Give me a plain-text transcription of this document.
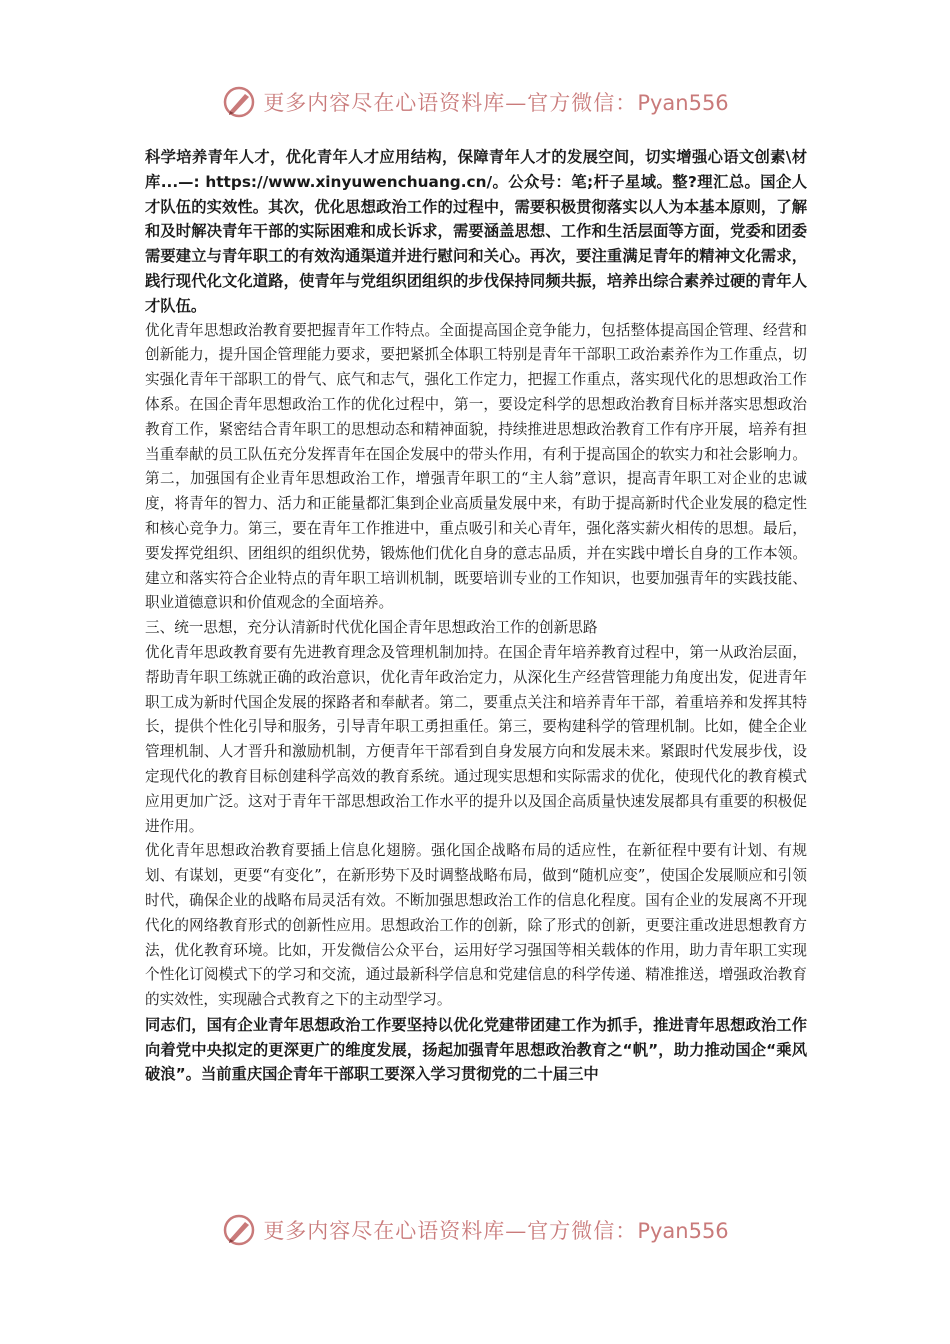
更多内容尽在心语资料库—官方微信：Pyan556

科学培养青年人才，优化青年人才应用结构，保障青年人才的发展空间，切实增强心语文创素\材库...—: https://www.xinyuwenchuang.cn/。公众号：笔;杆子星域。整?理汇总。国企人才队伍的实效性。其次，优化思想政治工作的过程中，需要积极贯彻落实以人为本基本原则，了解和及时解决青年干部的实际困难和成长诉求，需要涵盖思想、工作和生活层面等方面，党委和团委需要建立与青年职工的有效沟通渠道并进行慰问和关心。再次，要注重满足青年的精神文化需求，践行现代化文化道路，使青年与党组织团组织的步伐保持同频共振，培养出综合素养过硬的青年人才队伍。

优化青年思想政治教育要把握青年工作特点。全面提高国企竞争能力，包括整体提高国企管理、经营和创新能力，提升国企管理能力要求，要把紧抓全体职工特别是青年干部职工政治素养作为工作重点，切实强化青年干部职工的骨气、底气和志气，强化工作定力，把握工作重点，落实现代化的思想政治工作体系。在国企青年思想政治工作的优化过程中，第一，要设定科学的思想政治教育目标并落实思想政治教育工作，紧密结合青年职工的思想动态和精神面貌，持续推进思想政治教育工作有序开展，培养有担当重奉献的员工队伍充分发挥青年在国企发展中的带头作用，有利于提高国企的软实力和社会影响力。第二，加强国有企业青年思想政治工作，增强青年职工的“主人翁”意识，提高青年职工对企业的忠诚度，将青年的智力、活力和正能量都汇集到企业高质量发展中来，有助于提高新时代企业发展的稳定性和核心竞争力。第三，要在青年工作推进中，重点吸引和关心青年，强化落实薪火相传的思想。最后，要发挥党组织、团组织的组织优势，锻炼他们优化自身的意志品质，并在实践中增长自身的工作本领。建立和落实符合企业特点的青年职工培训机制，既要培训专业的工作知识，也要加强青年的实践技能、职业道德意识和价值观念的全面培养。

三、统一思想，充分认清新时代优化国企青年思想政治工作的创新思路

优化青年思政教育要有先进教育理念及管理机制加持。在国企青年培养教育过程中，第一从政治层面，帮助青年职工练就正确的政治意识，优化青年政治定力，从深化生产经营管理能力角度出发，促进青年职工成为新时代国企发展的探路者和奉献者。第二，要重点关注和培养青年干部，着重培养和发挥其特长，提供个性化引导和服务，引导青年职工勇担重任。第三，要构建科学的管理机制。比如，健全企业管理机制、人才晋升和激励机制，方便青年干部看到自身发展方向和发展未来。紧跟时代发展步伐，设定现代化的教育目标创建科学高效的教育系统。通过现实思想和实际需求的优化，使现代化的教育模式应用更加广泛。这对于青年干部思想政治工作水平的提升以及国企高质量快速发展都具有重要的积极促进作用。

优化青年思想政治教育要插上信息化翅膀。强化国企战略布局的适应性，在新征程中要有计划、有规划、有谋划，更要“有变化”，在新形势下及时调整战略布局，做到“随机应变”，使国企发展顺应和引领时代，确保企业的战略布局灵活有效。不断加强思想政治工作的信息化程度。国有企业的发展离不开现代化的网络教育形式的创新性应用。思想政治工作的创新，除了形式的创新，更要注重改进思想教育方法，优化教育环境。比如，开发微信公众平台，运用好学习强国等相关载体的作用，助力青年职工实现个性化订阅模式下的学习和交流，通过最新科学信息和党建信息的科学传递、精准推送，增强政治教育的实效性，实现融合式教育之下的主动型学习。

同志们，国有企业青年思想政治工作要坚持以优化党建带团建工作为抓手，推进青年思想政治工作向着党中央拟定的更深更广的维度发展，扬起加强青年思想政治教育之“帆”，助力推动国企“乘风破浪”。当前重庆国企青年干部职工要深入学习贯彻党的二十届三中

更多内容尽在心语资料库—官方微信：Pyan556
